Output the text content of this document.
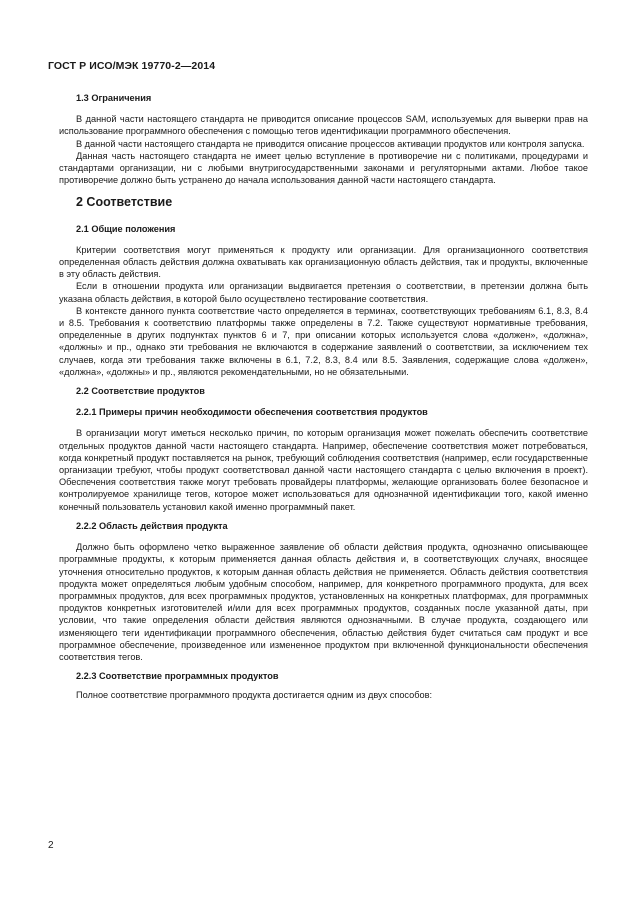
ГОСТ Р ИСО/МЭК 19770-2—2014
1.3 Ограничения

В данной части настоящего стандарта не приводится описание процессов SAM, используемых для выверки прав на использование программного обеспечения с помощью тегов идентификации программного обеспечения.

В данной части настоящего стандарта не приводится описание процессов активации продуктов или контроля запуска.

Данная часть настоящего стандарта не имеет целью вступление в противоречие ни с политиками, процедурами и стандартами организации, ни с любыми внутригосударственными законами и регуляторными актами. Любое такое противоречие должно быть устранено до начала использования данной части настоящего стандарта.

2 Соответствие
2.1 Общие положения

Критерии соответствия могут применяться к продукту или организации. Для организационного соответствия определенная область действия должна охватывать как организационную область действия, так и продукты, включенные в эту область действия.

Если в отношении продукта или организации выдвигается претензия о соответствии, в претензии должна быть указана область действия, в которой было осуществлено тестирование соответствия.

В контексте данного пункта соответствие часто определяется в терминах, соответствующих требованиям 6.1, 8.3, 8.4 и 8.5. Требования к соответствию платформы также определены в 7.2. Также существуют нормативные требования, определенные в других подпунктах пунктов 6 и 7, при описании которых используется слова «должен», «должна», «должны» и пр., однако эти требования не включаются в содержание заявлений о соответствии, за исключением тех случаев, когда эти требования также включены в 6.1, 7.2, 8.3, 8.4 или 8.5. Заявления, содержащие слова «должен», «должна», «должны» и пр., являются рекомендательными, но не обязательными.

2.2 Соответствие продуктов
2.2.1 Примеры причин необходимости обеспечения соответствия продуктов

В организации могут иметься несколько причин, по которым организация может пожелать обеспечить соответствие отдельных продуктов данной части настоящего стандарта. Например, обеспечение соответствия может потребоваться, когда конкретный продукт поставляется на рынок, требующий соблюдения соответствия (например, если государственные организации требуют, чтобы продукт соответствовал данной части настоящего стандарта с целью включения в проект). Обеспечения соответствия также могут требовать провайдеры платформы, желающие организовать более безопасное и контролируемое хранилище тегов, которое может использоваться для однозначной идентификации того, какой именно конечный пользователь установил какой именно программный пакет.

2.2.2 Область действия продукта

Должно быть оформлено четко выраженное заявление об области действия продукта, однозначно описывающее программные продукты, к которым применяется данная область действия и, в соответствующих случаях, вносящее уточнения относительно продуктов, к которым данная область действия не применяется. Область действия соответствия продукта может определяться любым удобным способом, например, для конкретного программного продукта, для всех программных продуктов, для всех программных продуктов, установленных на конкретных платформах, для программных продуктов конкретных изготовителей и/или для всех программных продуктов, созданных после указанной даты, при условии, что такие определения области действия являются однозначными. В случае продукта, создающего или изменяющего теги идентификации программного обеспечения, областью действия будет считаться сам продукт и все программное обеспечение, произведенное или измененное продуктом при включенной функциональности обеспечения соответствия тегов.

2.2.3 Соответствие программных продуктов

Полное соответствие программного продукта достигается одним из двух способов:

2
